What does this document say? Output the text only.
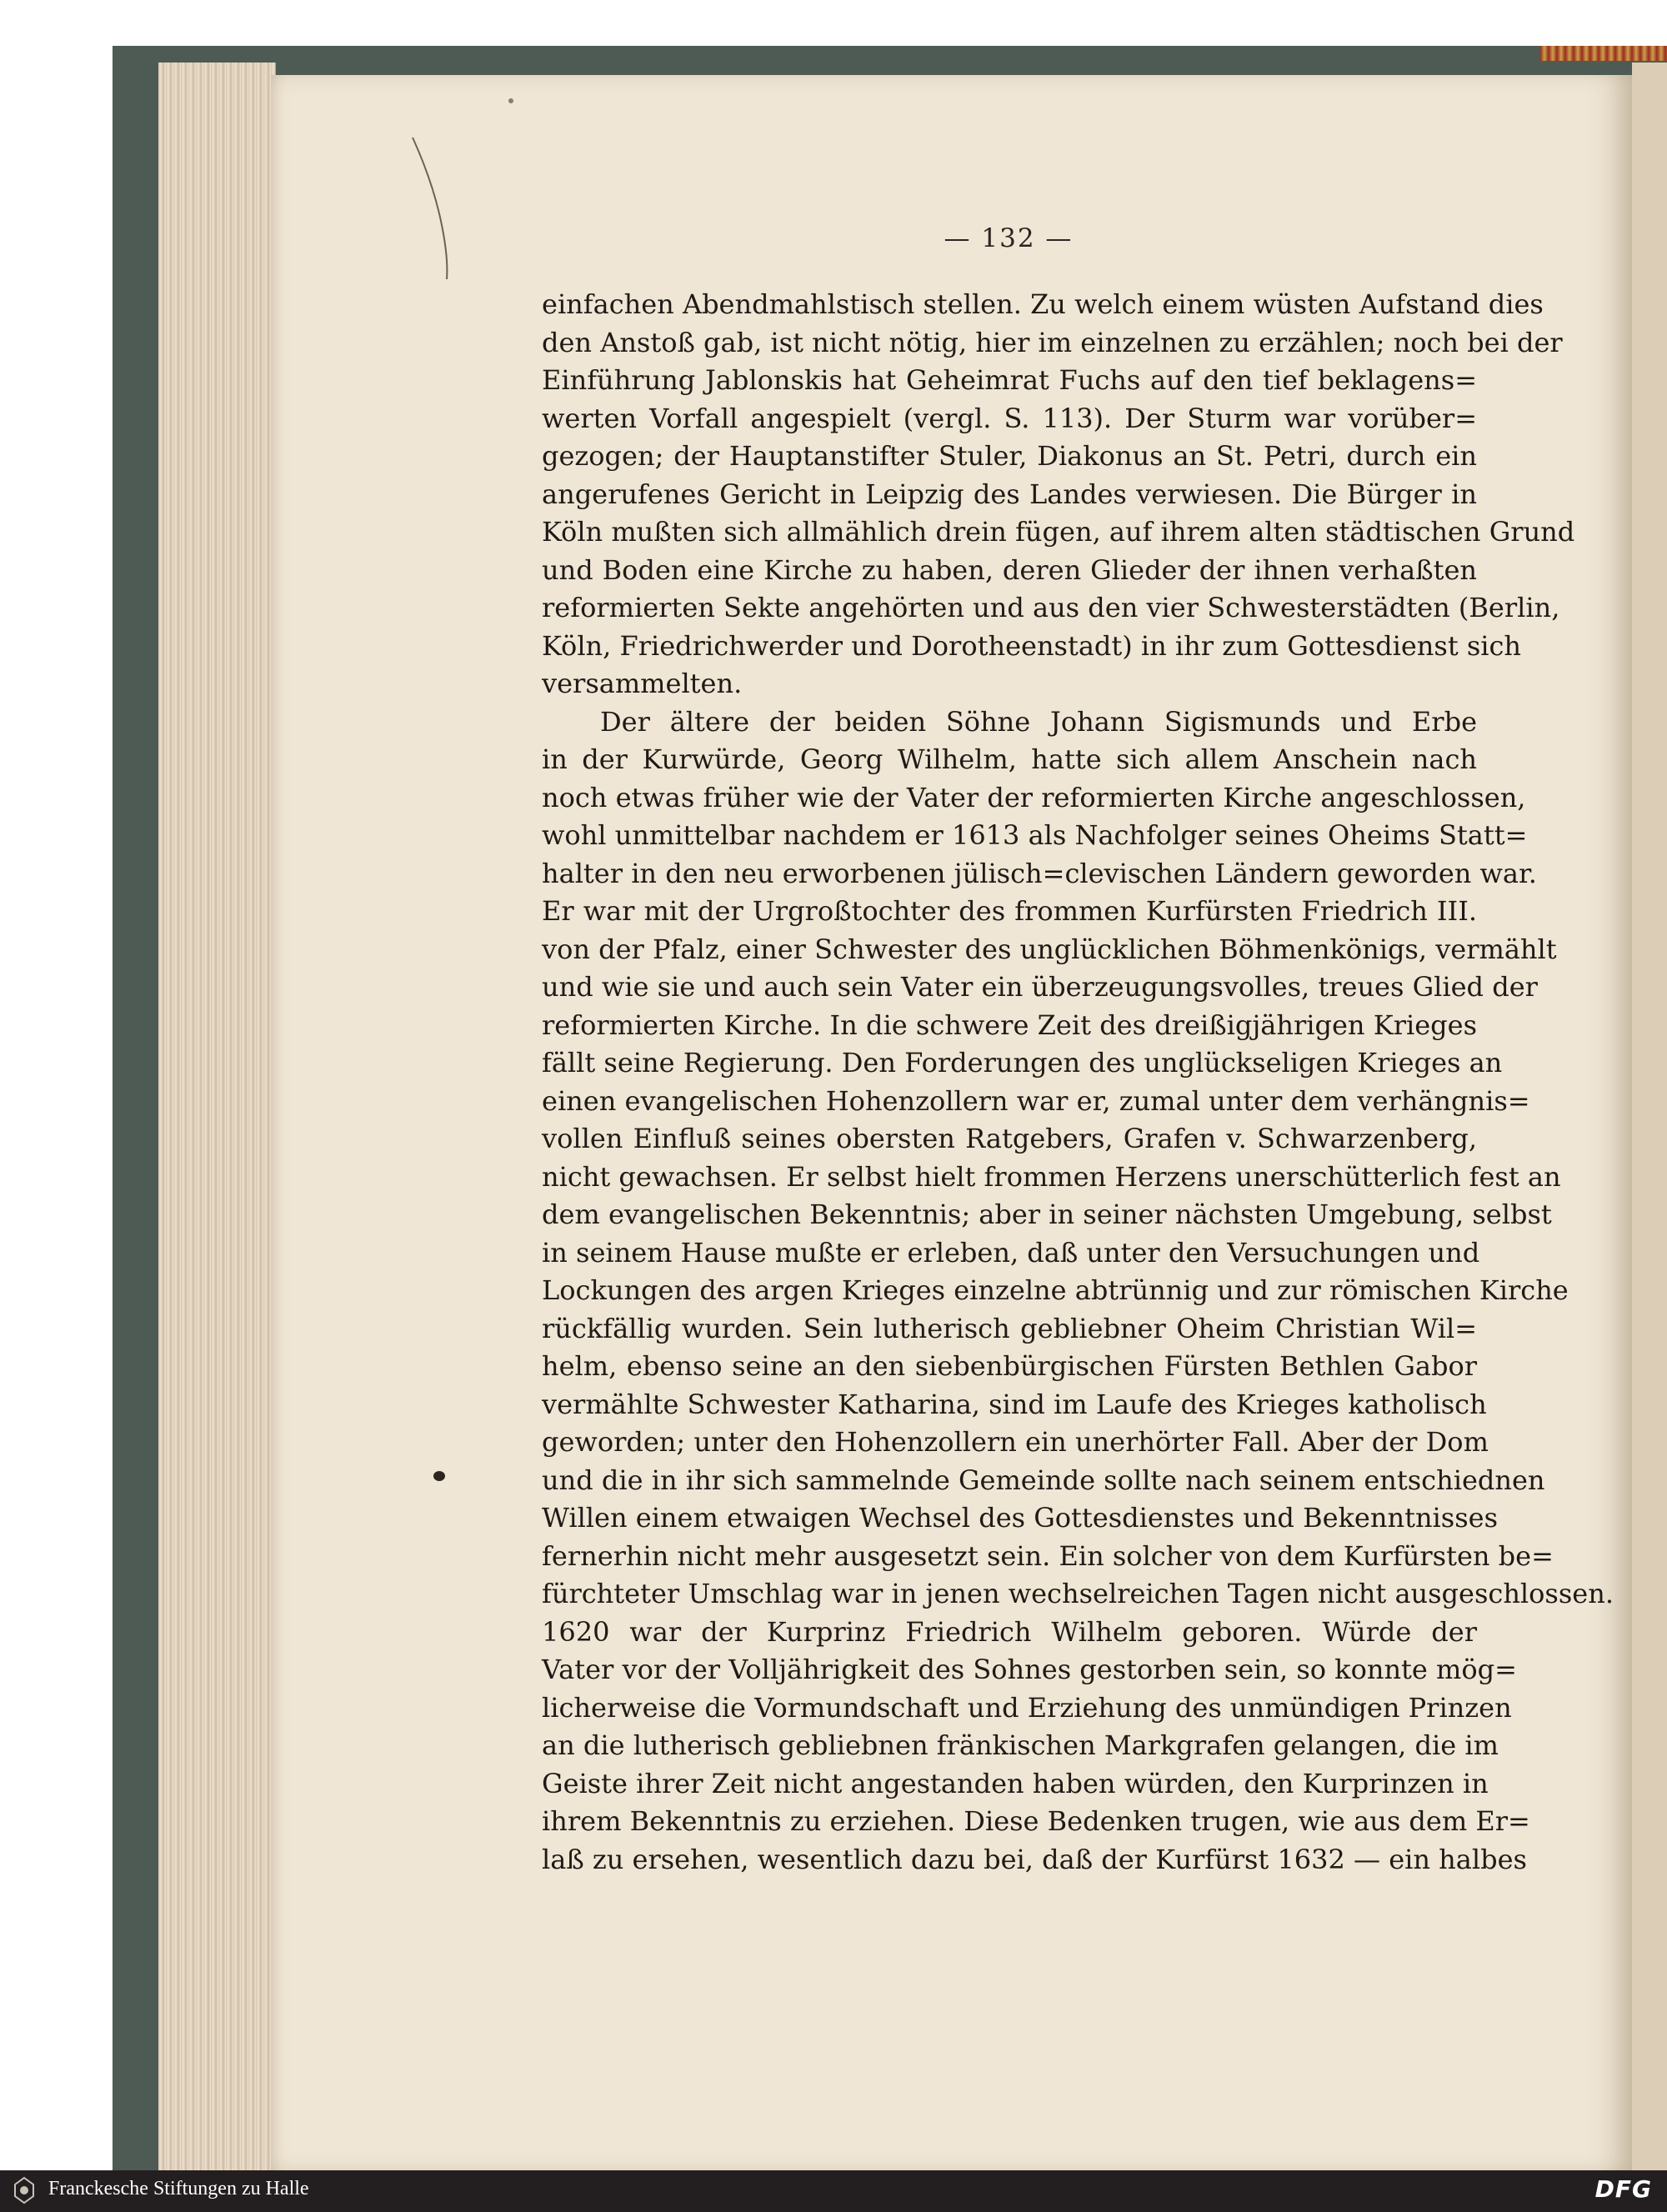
— 132 —
einfachen Abendmahlstisch stellen. Zu welch einem wüsten Aufstand dies
den Anstoß gab, ist nicht nötig, hier im einzelnen zu erzählen; noch bei der
Einführung Jablonskis hat Geheimrat Fuchs auf den tief beklagens=
werten Vorfall angespielt (vergl. S. 113). Der Sturm war vorüber=
gezogen; der Hauptanstifter Stuler, Diakonus an St. Petri, durch ein
angerufenes Gericht in Leipzig des Landes verwiesen. Die Bürger in
Köln mußten sich allmählich drein fügen, auf ihrem alten städtischen Grund
und Boden eine Kirche zu haben, deren Glieder der ihnen verhaßten
reformierten Sekte angehörten und aus den vier Schwesterstädten (Berlin,
Köln, Friedrichwerder und Dorotheenstadt) in ihr zum Gottesdienst sich
versammelten.
Der ältere der beiden Söhne Johann Sigismunds und Erbe
in der Kurwürde, Georg Wilhelm, hatte sich allem Anschein nach
noch etwas früher wie der Vater der reformierten Kirche angeschlossen,
wohl unmittelbar nachdem er 1613 als Nachfolger seines Oheims Statt=
halter in den neu erworbenen jülisch=clevischen Ländern geworden war.
Er war mit der Urgroßtochter des frommen Kurfürsten Friedrich III.
von der Pfalz, einer Schwester des unglücklichen Böhmenkönigs, vermählt
und wie sie und auch sein Vater ein überzeugungsvolles, treues Glied der
reformierten Kirche. In die schwere Zeit des dreißigjährigen Krieges
fällt seine Regierung. Den Forderungen des unglückseligen Krieges an
einen evangelischen Hohenzollern war er, zumal unter dem verhängnis=
vollen Einfluß seines obersten Ratgebers, Grafen v. Schwarzenberg,
nicht gewachsen. Er selbst hielt frommen Herzens unerschütterlich fest an
dem evangelischen Bekenntnis; aber in seiner nächsten Umgebung, selbst
in seinem Hause mußte er erleben, daß unter den Versuchungen und
Lockungen des argen Krieges einzelne abtrünnig und zur römischen Kirche
rückfällig wurden. Sein lutherisch gebliebner Oheim Christian Wil=
helm, ebenso seine an den siebenbürgischen Fürsten Bethlen Gabor
vermählte Schwester Katharina, sind im Laufe des Krieges katholisch
geworden; unter den Hohenzollern ein unerhörter Fall. Aber der Dom
und die in ihr sich sammelnde Gemeinde sollte nach seinem entschiednen
Willen einem etwaigen Wechsel des Gottesdienstes und Bekenntnisses
fernerhin nicht mehr ausgesetzt sein. Ein solcher von dem Kurfürsten be=
fürchteter Umschlag war in jenen wechselreichen Tagen nicht ausgeschlossen.
1620 war der Kurprinz Friedrich Wilhelm geboren. Würde der
Vater vor der Volljährigkeit des Sohnes gestorben sein, so konnte mög=
licherweise die Vormundschaft und Erziehung des unmündigen Prinzen
an die lutherisch gebliebnen fränkischen Markgrafen gelangen, die im
Geiste ihrer Zeit nicht angestanden haben würden, den Kurprinzen in
ihrem Bekenntnis zu erziehen. Diese Bedenken trugen, wie aus dem Er=
laß zu ersehen, wesentlich dazu bei, daß der Kurfürst 1632 — ein halbes
Franckesche Stiftungen zu Halle	DFG
